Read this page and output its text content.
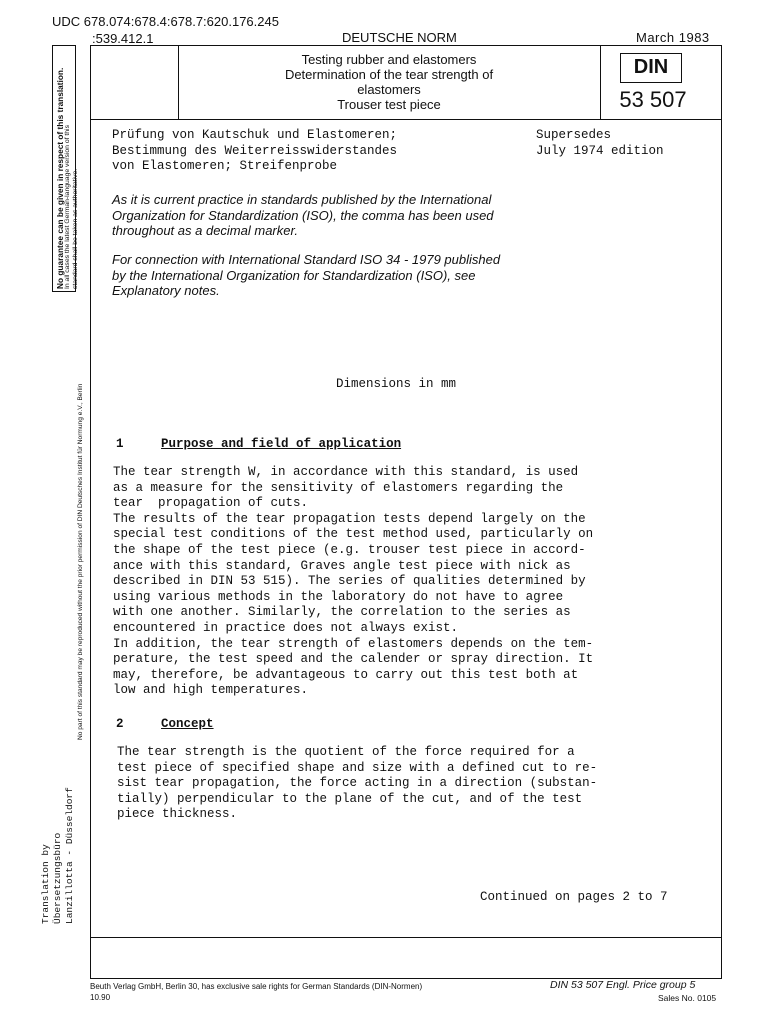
UDC 678.074:678.4:678.7:620.176.245
:539.412.1	DEUTSCHE NORM	March 1983
Testing rubber and elastomers
Determination of the tear strength of
elastomers
Trouser test piece
DIN
53 507
Prüfung von Kautschuk und Elastomeren;
Bestimmung des Weiterreisswiderstandes
von Elastomeren; Streifenprobe
Supersedes
July 1974 edition
As it is current practice in standards published by the International
Organization for Standardization (ISO), the comma has been used
throughout as a decimal marker.
For connection with International Standard ISO 34 - 1979 published
by the International Organization for Standardization (ISO), see
Explanatory notes.
Dimensions in mm
1	Purpose and field of application
The tear strength W, in accordance with this standard, is used
as a measure for the sensitivity of elastomers regarding the
tear  propagation of cuts.
The results of the tear propagation tests depend largely on the
special test conditions of the test method used, particularly on
the shape of the test piece (e.g. trouser test piece in accord-
ance with this standard, Graves angle test piece with nick as
described in DIN 53 515). The series of qualities determined by
using various methods in the laboratory do not have to agree
with one another. Similarly, the correlation to the series as
encountered in practice does not always exist.
In addition, the tear strength of elastomers depends on the tem-
perature, the test speed and the calender or spray direction. It
may, therefore, be advantageous to carry out this test both at
low and high temperatures.
2	Concept
The tear strength is the quotient of the force required for a
test piece of specified shape and size with a defined cut to re-
sist tear propagation, the force acting in a direction (substan-
tially) perpendicular to the plane of the cut, and of the test
piece thickness.
Continued on pages 2 to 7
No guarantee can be given in respect of this translation. In all cases the latest German-language version of this standard shall be taken as authoritative.
No part of this standard may be reproduced without the prior permission of DIN Deutsches Institut für Normung e.V., Berlin
Translation by
Übersetzungsbüro
Lanzillotta - Düsseldorf
Beuth Verlag GmbH, Berlin 30, has exclusive sale rights for German Standards (DIN-Normen)
10.90
DIN 53 507 Engl. Price group 5
Sales No. 0105
